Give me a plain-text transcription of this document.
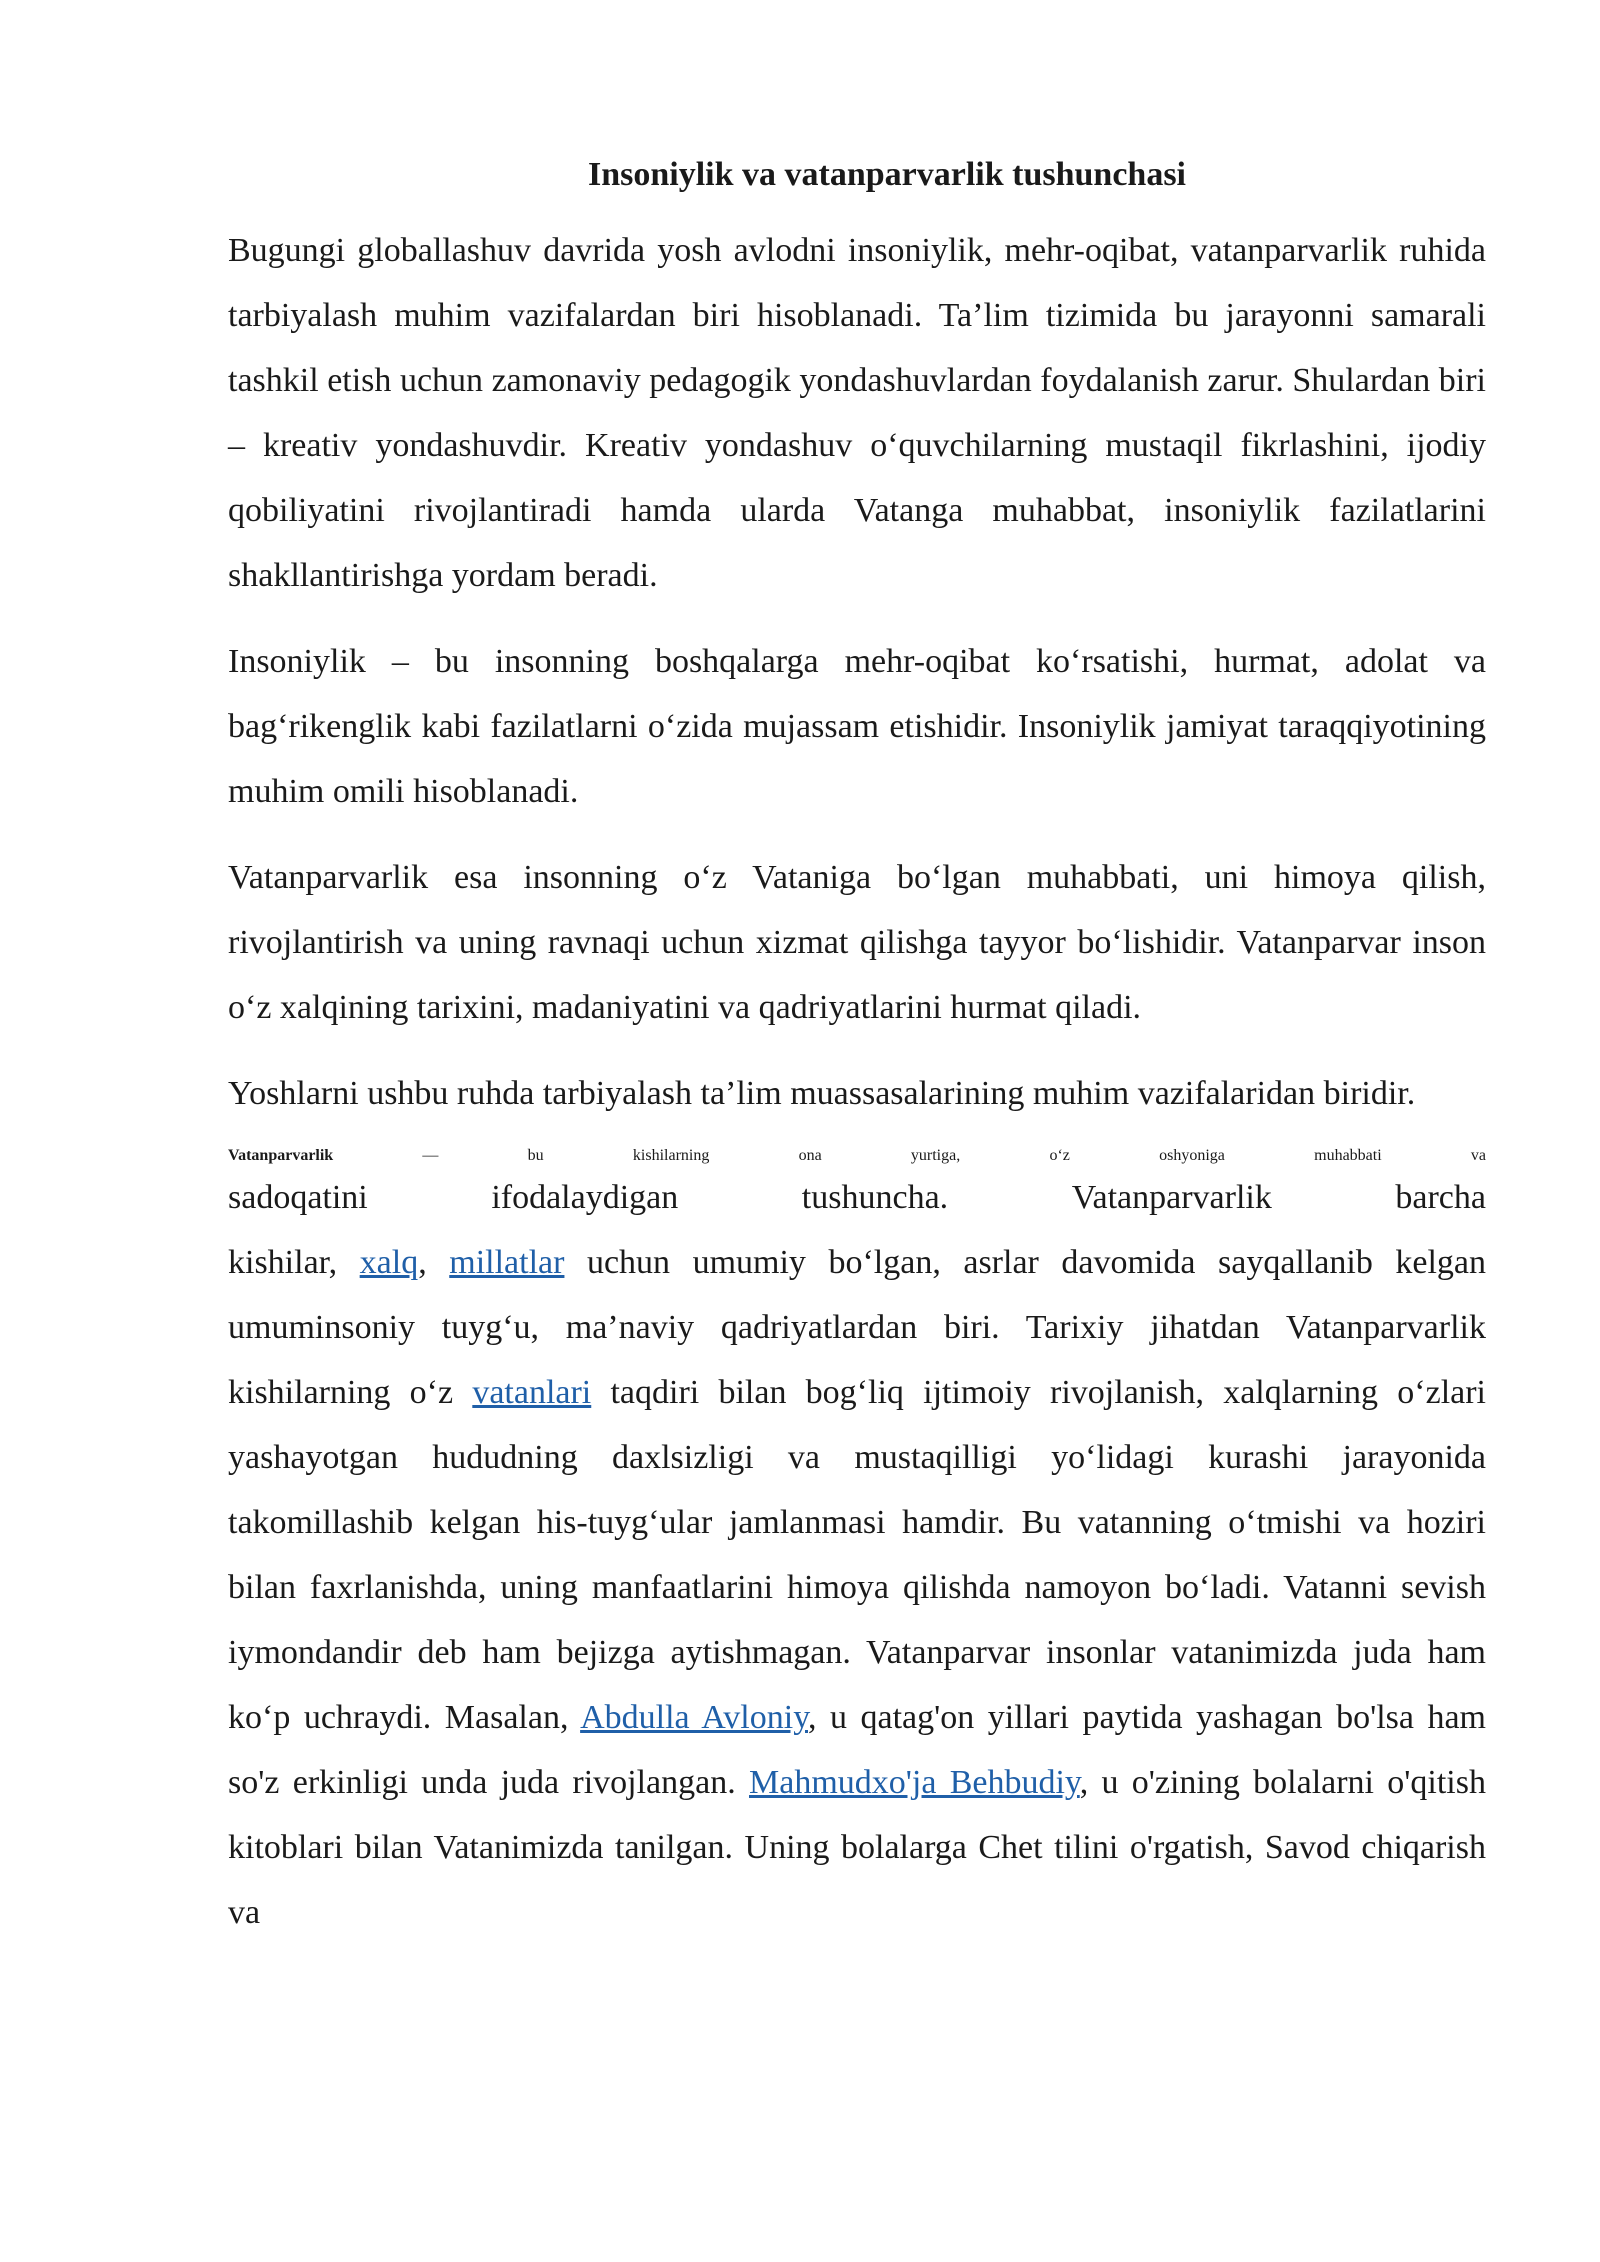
Insoniylik va vatanparvarlik tushunchasi

Bugungi globallashuv davrida yosh avlodni insoniylik, mehr-oqibat, vatanparvarlik ruhida tarbiyalash muhim vazifalardan biri hisoblanadi. Ta’lim tizimida bu jarayonni samarali tashkil etish uchun zamonaviy pedagogik yondashuvlardan foydalanish zarur. Shulardan biri – kreativ yondashuvdir. Kreativ yondashuv o‘quvchilarning mustaqil fikrlashini, ijodiy qobiliyatini rivojlantiradi hamda ularda Vatanga muhabbat, insoniylik fazilatlarini shakllantirishga yordam beradi.

Insoniylik – bu insonning boshqalarga mehr-oqibat ko‘rsatishi, hurmat, adolat va bag‘rikenglik kabi fazilatlarni o‘zida mujassam etishidir. Insoniylik jamiyat taraqqiyotining muhim omili hisoblanadi.

Vatanparvarlik esa insonning o‘z Vataniga bo‘lgan muhabbati, uni himoya qilish, rivojlantirish va uning ravnaqi uchun xizmat qilishga tayyor bo‘lishidir. Vatanparvar inson o‘z xalqining tarixini, madaniyatini va qadriyatlarini hurmat qiladi.

Yoshlarni ushbu ruhda tarbiyalash ta’lim muassasalarining muhim vazifalaridan biridir.

Vatanparvarlik — bu kishilarning ona yurtiga, o‘z oshyoniga muhabbati va
sadoqatini	ifodalaydigan	tushuncha.	Vatanparvarlik	barcha

kishilar, xalq, millatlar uchun umumiy bo‘lgan, asrlar davomida sayqallanib kelgan umuminsoniy tuyg‘u, ma’naviy qadriyatlardan biri. Tarixiy jihatdan Vatanparvarlik kishilarning o‘z vatanlari taqdiri bilan bog‘liq ijtimoiy rivojlanish, xalqlarning o‘zlari yashayotgan hududning daxlsizligi va mustaqilligi yo‘lidagi kurashi jarayonida takomillashib kelgan his-tuyg‘ular jamlanmasi hamdir. Bu vatanning o‘tmishi va hoziri bilan faxrlanishda, uning manfaatlarini himoya qilishda namoyon bo‘ladi. Vatanni sevish iymondandir deb ham bejizga aytishmagan. Vatanparvar insonlar vatanimizda juda ham ko‘p uchraydi. Masalan, Abdulla Avloniy, u qatag'on yillari paytida yashagan bo'lsa ham so'z erkinligi unda juda rivojlangan. Mahmudxo'ja Behbudiy, u o'zining bolalarni o'qitish kitoblari bilan Vatanimizda tanilgan. Uning bolalarga Chet tilini o'rgatish, Savod chiqarish va
